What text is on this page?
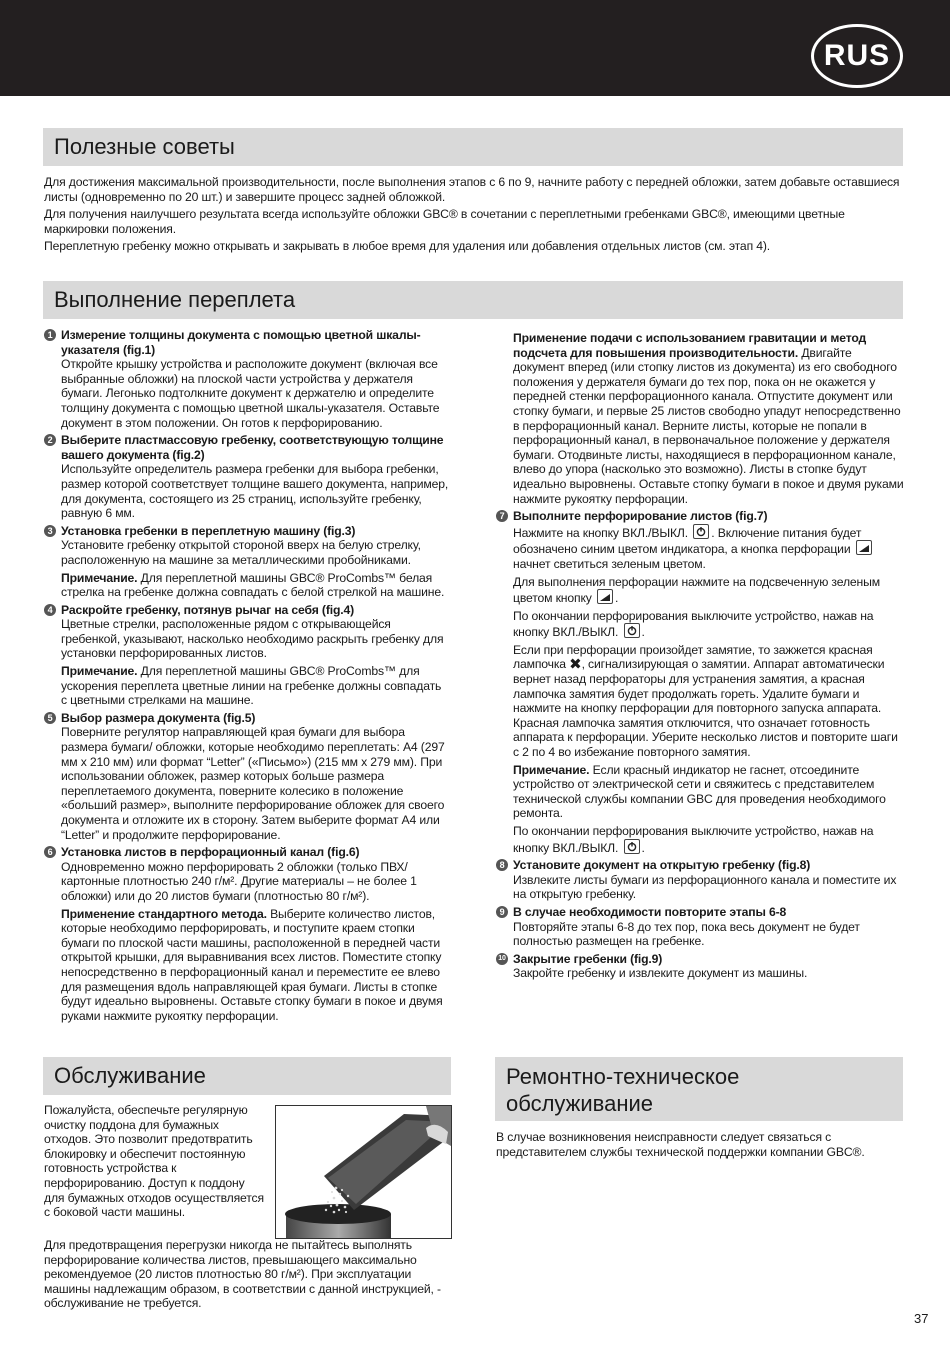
RUS
Полезные советы

Для достижения максимальной производительности, после выполнения этапов с 6 по 9, начните работу с передней обложки, затем добавьте оставшиеся листы (одновременно по 20 шт.) и завершите процесс задней обложкой.

Для получения наилучшего результата всегда используйте обложки GBC® в сочетании с переплетными гребенками GBC®, имеющими цветные маркировки положения.

Переплетную гребенку можно открывать и закрывать в любое время для удаления или добавления отдельных листов (см. этап 4).

Выполнение переплета
1 Измерение толщины документа с помощью цветной шкалы-указателя (fig.1)

Откройте крышку устройства и расположите документ (включая все выбранные обложки) на плоской части устройства у держателя бумаги. Легонько подтолкните документ к держателю и определите толщину документа с помощью цветной шкалы-указателя. Оставьте документ в этом положении. Он готов к перфорированию.

2 Выберите пластмассовую гребенку, соответствующую толщине вашего документа (fig.2)

Используйте определитель размера гребенки для выбора гребенки, размер которой соответствует толщине вашего документа, например, для документа, состоящего из 25 страниц, используйте гребенку, равную 6 мм.

3 Установка гребенки в переплетную машину (fig.3)

Установите гребенку открытой стороной вверх на белую стрелку, расположенную на машине за металлическими пробойниками.

Примечание. Для переплетной машины GBC® ProCombs™ белая стрелка на гребенке должна совпадать с белой стрелкой на машине.

4 Раскройте гребенку, потянув рычаг на себя (fig.4)

Цветные стрелки, расположенные рядом с открывающейся гребенкой, указывают, насколько необходимо раскрыть гребенку для установки перфорированных листов.

Примечание. Для переплетной машины GBC® ProCombs™ для ускорения переплета цветные линии на гребенке должны совпадать с цветными стрелками на машине.

5 Выбор размера документа (fig.5)

Поверните регулятор направляющей края бумаги для выбора размера бумаги/ обложки, которые необходимо переплетать: A4 (297 мм x 210 мм) или формат “Letter” («Письмо») (215 мм x 279 мм). При использовании обложек, размер которых больше размера переплетаемого документа, поверните колесико в положение «больший размер», выполните перфорирование обложек для своего документа и отложите их в сторону. Затем выберите формат A4 или “Letter” и продолжите перфорирование.

6 Установка листов в перфорационный канал (fig.6)

Одновременно можно перфорировать 2 обложки (только ПВХ/картонные плотностью 240 г/м². Другие материалы – не более 1 обложки) или до 20 листов бумаги (плотностью 80 г/м²).

Применение стандартного метода. Выберите количество листов, которые необходимо перфорировать, и поступите краем стопки бумаги по плоской части машины, расположенной в передней части открытой крышки, для выравнивания всех листов. Поместите стопку непосредственно в перфорационный канал и переместите ее влево для размещения вдоль направляющей края бумаги. Листы в стопке будут идеально выровнены. Оставьте стопку бумаги в покое и двумя руками нажмите рукоятку перфорации.

Применение подачи с использованием гравитации и метод подсчета для повышения производительности. Двигайте документ вперед (или стопку листов из документа) из его свободного положения у держателя бумаги до тех пор, пока он не окажется у передней стенки перфорационного канала. Отпустите документ или стопку бумаги, и первые 25 листов свободно упадут непосредственно в перфорационный канал. Верните листы, которые не попали в перфорационный канал, в первоначальное положение у держателя бумаги. Отодвиньте листы, находящиеся в перфорационном канале, влево до упора (насколько это возможно). Листы в стопке будут идеально выровнены. Оставьте стопку бумаги в покое и двумя руками нажмите рукоятку перфорации.

7 Выполните перфорирование листов (fig.7)

Нажмите на кнопку ВКЛ./ВЫКЛ. . Включение питания будет обозначено синим цветом индикатора, а кнопка перфорации
начнет светиться зеленым цветом.

Для выполнения перфорации нажмите на подсвеченную зеленым цветом кнопку .

По окончании перфорирования выключите устройство, нажав на кнопку ВКЛ./ВЫКЛ. .

Если при перфорации произойдет замятие, то зажжется красная лампочка ✖, сигнализирующая о замятии. Аппарат автоматически вернет назад перфораторы для устранения замятия, а красная лампочка замятия будет продолжать гореть. Удалите бумаги и нажмите на кнопку перфорации для повторного запуска аппарата. Красная лампочка замятия отключится, что означает готовность аппарата к перфорации. Уберите несколько листов и повторите шаги с 2 по 4 во избежание повторного замятия.

Примечание. Если красный индикатор не гаснет, отсоедините устройство от электрической сети и свяжитесь с представителем технической службы компании GBC для проведения необходимого ремонта.

По окончании перфорирования выключите устройство, нажав на кнопку ВКЛ./ВЫКЛ. .

8 Установите документ на открытую гребенку (fig.8)

Извлеките листы бумаги из перфорационного канала и поместите их на открытую гребенку.

9 В случае необходимости повторите этапы 6-8

Повторяйте этапы 6-8 до тех пор, пока весь документ не будет полностью размещен на гребенке.

10 Закрытие гребенки (fig.9)

Закройте гребенку и извлеките документ из машины.

Обслуживание

Пожалуйста, обеспечьте регулярную очистку поддона для бумажных отходов. Это позволит предотвратить блокировку и обеспечит постоянную готовность устройства к перфорированию. Доступ к поддону для бумажных отходов осуществляется с боковой части машины.

Для предотвращения перегрузки никогда не пытайтесь выполнять перфорирование количества листов, превышающего максимально рекомендуемое (20 листов плотностью 80 г/м²). При эксплуатации машины надлежащим образом, в соответствии с данной инструкцией, - обслуживание не требуется.

Ремонтно-техническое
обслуживание

В случае возникновения неисправности следует связаться с представителем службы технической поддержки компании GBC®.

37
